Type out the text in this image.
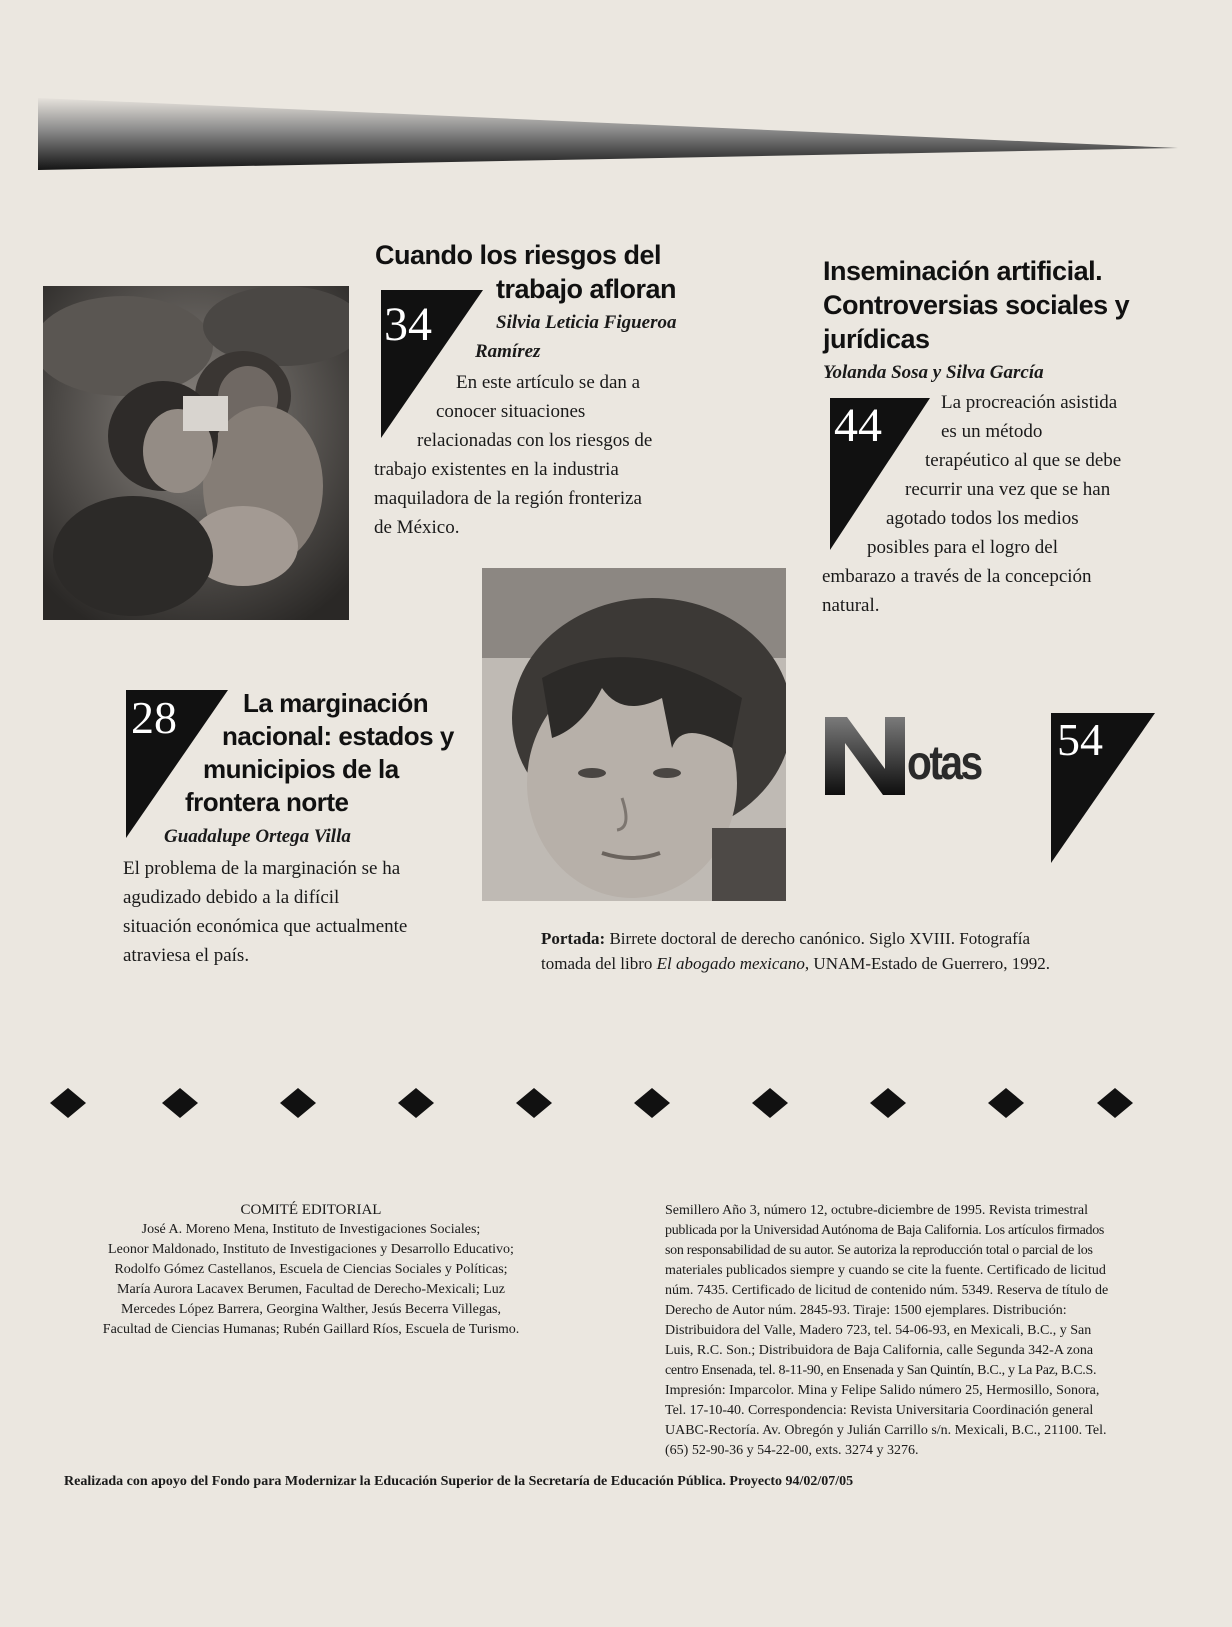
Cuando los riesgos del
trabajo afloran
34	Silvia Leticia Figueroa
Ramírez
En este artículo se dan a
conocer situaciones
relacionadas con los riesgos de
trabajo existentes en la industria
maquiladora de la región fronteriza
de México.
Inseminación artificial.
Controversias sociales y
jurídicas
Yolanda Sosa y Silva García
44	La procreación asistida
es un método
terapéutico al que se debe
recurrir una vez que se han
agotado todos los medios
posibles para el logro del
embarazo a través de la concepción
natural.
28	La marginación
nacional: estados y
municipios de la
frontera norte
Guadalupe Ortega Villa
El problema de la marginación se ha
agudizado debido a la difícil
situación económica que actualmente
atraviesa el país.
otas 54
Portada: Birrete doctoral de derecho canónico. Siglo XVIII. Fotografía
tomada del libro El abogado mexicano, UNAM-Estado de Guerrero, 1992.
COMITÉ EDITORIAL
José A. Moreno Mena, Instituto de Investigaciones Sociales;
Leonor Maldonado, Instituto de Investigaciones y Desarrollo Educativo;
Rodolfo Gómez Castellanos, Escuela de Ciencias Sociales y Políticas;
María Aurora Lacavex Berumen, Facultad de Derecho-Mexicali; Luz
Mercedes López Barrera, Georgina Walther, Jesús Becerra Villegas,
Facultad de Ciencias Humanas; Rubén Gaillard Ríos, Escuela de Turismo.
Semillero Año 3, número 12, octubre-diciembre de 1995. Revista trimestral
publicada por la Universidad Autónoma de Baja California. Los artículos firmados
son responsabilidad de su autor. Se autoriza la reproducción total o parcial de los
materiales publicados siempre y cuando se cite la fuente. Certificado de licitud
núm. 7435. Certificado de licitud de contenido núm. 5349. Reserva de título de
Derecho de Autor núm. 2845-93. Tiraje: 1500 ejemplares. Distribución:
Distribuidora del Valle, Madero 723, tel. 54-06-93, en Mexicali, B.C., y San
Luis, R.C. Son.; Distribuidora de Baja California, calle Segunda 342-A zona
centro Ensenada, tel. 8-11-90, en Ensenada y San Quintín, B.C., y La Paz, B.C.S.
Impresión: Imparcolor. Mina y Felipe Salido número 25, Hermosillo, Sonora,
Tel. 17-10-40. Correspondencia: Revista Universitaria Coordinación general
UABC-Rectoría. Av. Obregón y Julián Carrillo s/n. Mexicali, B.C., 21100. Tel.
(65) 52-90-36 y 54-22-00, exts. 3274 y 3276.
Realizada con apoyo del Fondo para Modernizar la Educación Superior de la Secretaría de Educación Pública. Proyecto 94/02/07/05
